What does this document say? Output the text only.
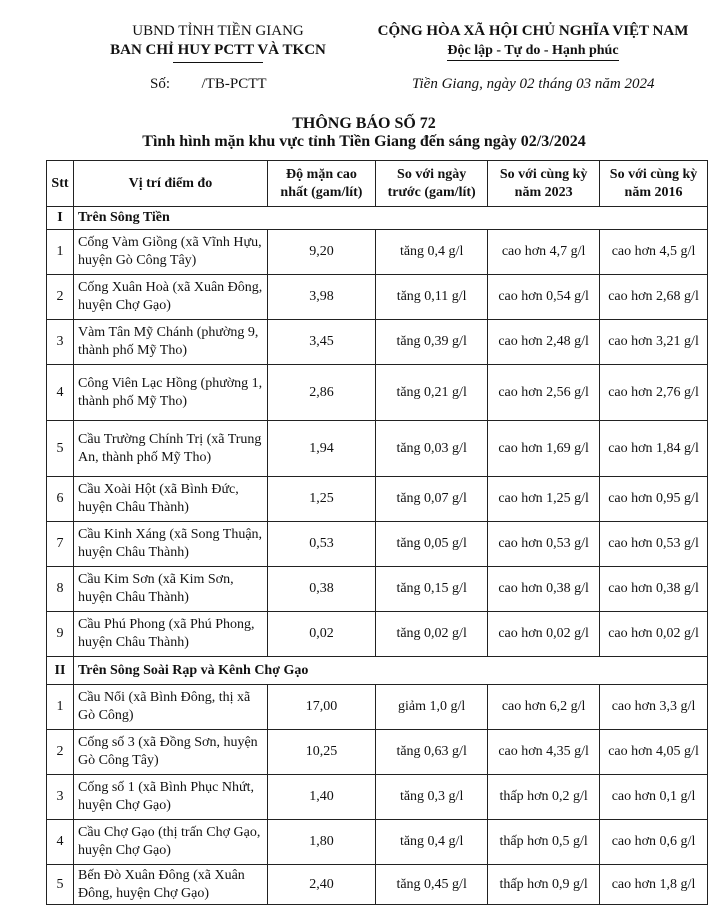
UBND TỈNH TIỀN GIANG
BAN CHỈ HUY PCTT VÀ TKCN
CỘNG HÒA XÃ HỘI CHỦ NGHĨA VIỆT NAM
Độc lập - Tự do - Hạnh phúc
Số: /TB-PCTT	Tiền Giang, ngày 02 tháng 03 năm 2024
THÔNG BÁO SỐ 72
Tình hình mặn khu vực tỉnh Tiền Giang đến sáng ngày 02/3/2024
Stt	Vị trí điểm đo	Độ mặn cao nhất (gam/lít)	So với ngày trước (gam/lít)	So với cùng kỳ năm 2023	So với cùng kỳ năm 2016
I	Trên Sông Tiền				
1	Cống Vàm Giồng (xã Vĩnh Hựu, huyện Gò Công Tây)	9,20	tăng 0,4 g/l	cao hơn 4,7 g/l	cao hơn 4,5 g/l
2	Cống Xuân Hoà (xã Xuân Đông, huyện Chợ Gạo)	3,98	tăng 0,11 g/l	cao hơn 0,54 g/l	cao hơn 2,68 g/l
3	Vàm Tân Mỹ Chánh (phường 9, thành phố Mỹ Tho)	3,45	tăng 0,39 g/l	cao hơn 2,48 g/l	cao hơn 3,21 g/l
4	Công Viên Lạc Hồng (phường 1, thành phố Mỹ Tho)	2,86	tăng 0,21 g/l	cao hơn 2,56 g/l	cao hơn 2,76 g/l
5	Cầu Trường Chính Trị (xã Trung An, thành phố Mỹ Tho)	1,94	tăng 0,03 g/l	cao hơn 1,69 g/l	cao hơn 1,84 g/l
6	Cầu Xoài Hột (xã Bình Đức, huyện Châu Thành)	1,25	tăng 0,07 g/l	cao hơn 1,25 g/l	cao hơn 0,95 g/l
7	Cầu Kinh Xáng (xã Song Thuận, huyện Châu Thành)	0,53	tăng 0,05 g/l	cao hơn 0,53 g/l	cao hơn 0,53 g/l
8	Cầu Kim Sơn (xã Kim Sơn, huyện Châu Thành)	0,38	tăng 0,15 g/l	cao hơn 0,38 g/l	cao hơn 0,38 g/l
9	Cầu Phú Phong (xã Phú Phong, huyện Châu Thành)	0,02	tăng 0,02 g/l	cao hơn 0,02 g/l	cao hơn 0,02 g/l
II	Trên Sông Soài Rạp và Kênh Chợ Gạo				
1	Cầu Nổi (xã Bình Đông, thị xã Gò Công)	17,00	giảm 1,0 g/l	cao hơn 6,2 g/l	cao hơn 3,3 g/l
2	Cống số 3 (xã Đồng Sơn, huyện Gò Công Tây)	10,25	tăng 0,63 g/l	cao hơn 4,35 g/l	cao hơn 4,05 g/l
3	Cống số 1 (xã Bình Phục Nhứt, huyện Chợ Gạo)	1,40	tăng 0,3 g/l	thấp hơn 0,2 g/l	cao hơn 0,1 g/l
4	Cầu Chợ Gạo (thị trấn Chợ Gạo, huyện Chợ Gạo)	1,80	tăng 0,4 g/l	thấp hơn 0,5 g/l	cao hơn 0,6 g/l
5	Bến Đò Xuân Đông (xã Xuân Đông, huyện Chợ Gạo)	2,40	tăng 0,45 g/l	thấp hơn 0,9 g/l	cao hơn 1,8 g/l
